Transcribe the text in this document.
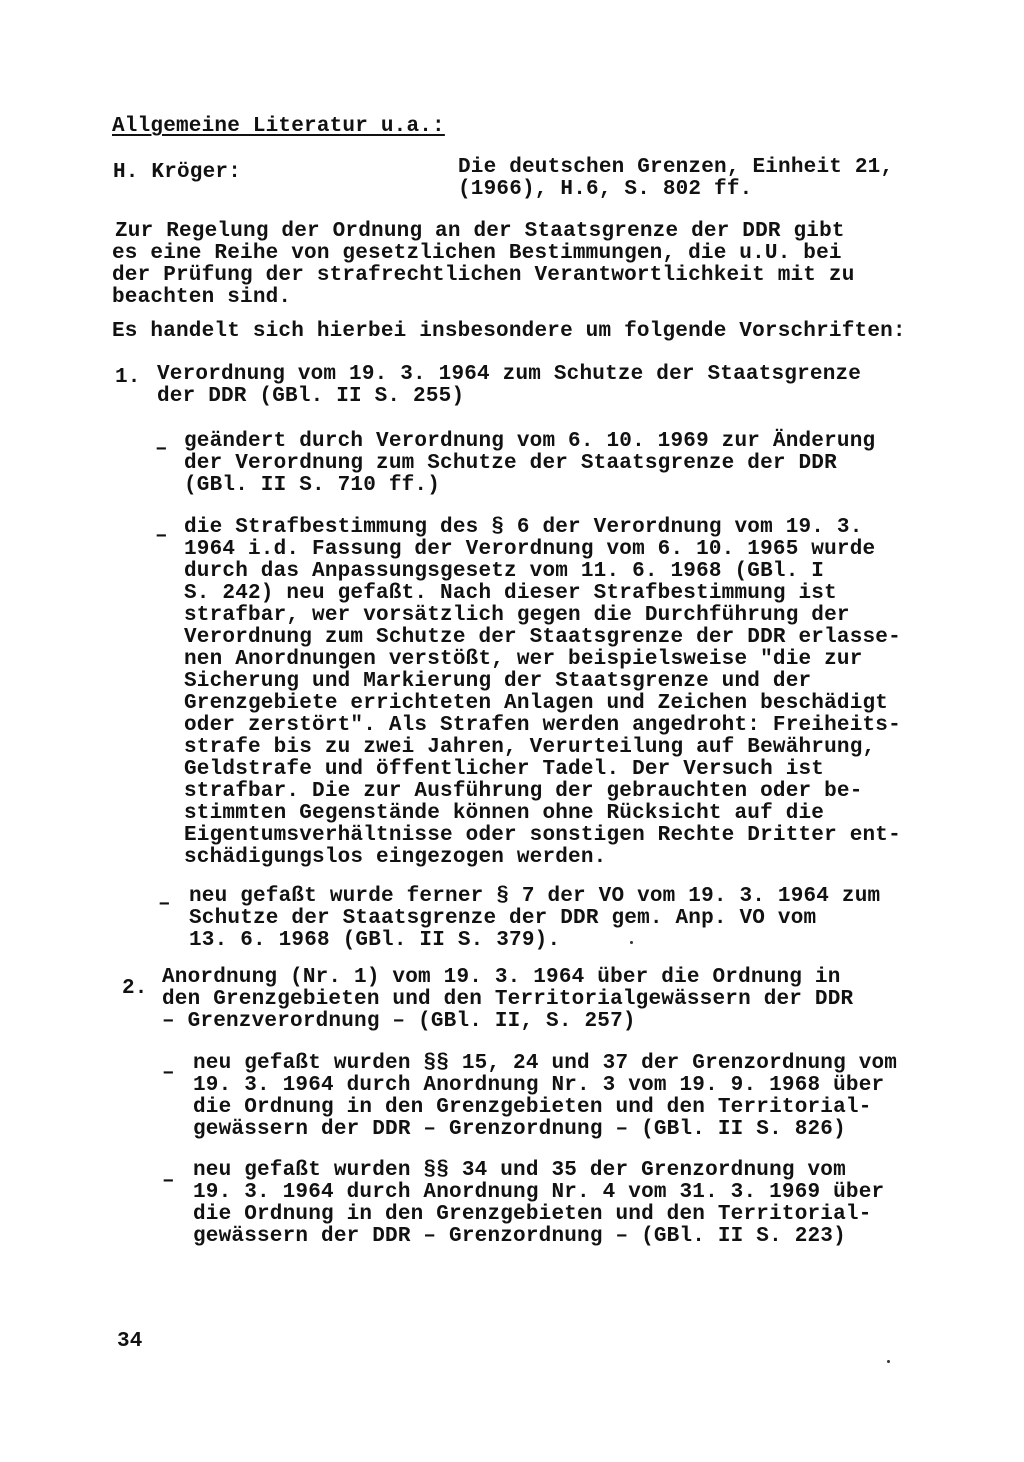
Allgemeine Literatur u.a.:
H. Kröger:	Die deutschen Grenzen, Einheit 21,
(1966), H.6, S. 802 ff.
Zur Regelung der Ordnung an der Staatsgrenze der DDR gibt
es eine Reihe von gesetzlichen Bestimmungen, die u.U. bei
der Prüfung der strafrechtlichen Verantwortlichkeit mit zu
beachten sind.
Es handelt sich hierbei insbesondere um folgende Vorschriften:
1. Verordnung vom 19. 3. 1964 zum Schutze der Staatsgrenze
der DDR (GBl. II S. 255)
– geändert durch Verordnung vom 6. 10. 1969 zur Änderung
der Verordnung zum Schutze der Staatsgrenze der DDR
(GBl. II S. 710 ff.)
– die Strafbestimmung des § 6 der Verordnung vom 19. 3.
1964 i.d. Fassung der Verordnung vom 6. 10. 1965 wurde
durch das Anpassungsgesetz vom 11. 6. 1968 (GBl. I
S. 242) neu gefaßt. Nach dieser Strafbestimmung ist
strafbar, wer vorsätzlich gegen die Durchführung der
Verordnung zum Schutze der Staatsgrenze der DDR erlasse-
nen Anordnungen verstößt, wer beispielsweise "die zur
Sicherung und Markierung der Staatsgrenze und der
Grenzgebiete errichteten Anlagen und Zeichen beschädigt
oder zerstört". Als Strafen werden angedroht: Freiheits-
strafe bis zu zwei Jahren, Verurteilung auf Bewährung,
Geldstrafe und öffentlicher Tadel. Der Versuch ist
strafbar. Die zur Ausführung der gebrauchten oder be-
stimmten Gegenstände können ohne Rücksicht auf die
Eigentumsverhältnisse oder sonstigen Rechte Dritter ent-
schädigungslos eingezogen werden.
– neu gefaßt wurde ferner § 7 der VO vom 19. 3. 1964 zum
Schutze der Staatsgrenze der DDR gem. Anp. VO vom
13. 6. 1968 (GBl. II S. 379).
2. Anordnung (Nr. 1) vom 19. 3. 1964 über die Ordnung in
den Grenzgebieten und den Territorialgewässern der DDR
– Grenzverordnung – (GBl. II, S. 257)
– neu gefaßt wurden §§ 15, 24 und 37 der Grenzordnung vom
19. 3. 1964 durch Anordnung Nr. 3 vom 19. 9. 1968 über
die Ordnung in den Grenzgebieten und den Territorial-
gewässern der DDR – Grenzordnung – (GBl. II S. 826)
– neu gefaßt wurden §§ 34 und 35 der Grenzordnung vom
19. 3. 1964 durch Anordnung Nr. 4 vom 31. 3. 1969 über
die Ordnung in den Grenzgebieten und den Territorial-
gewässern der DDR – Grenzordnung – (GBl. II S. 223)
34
